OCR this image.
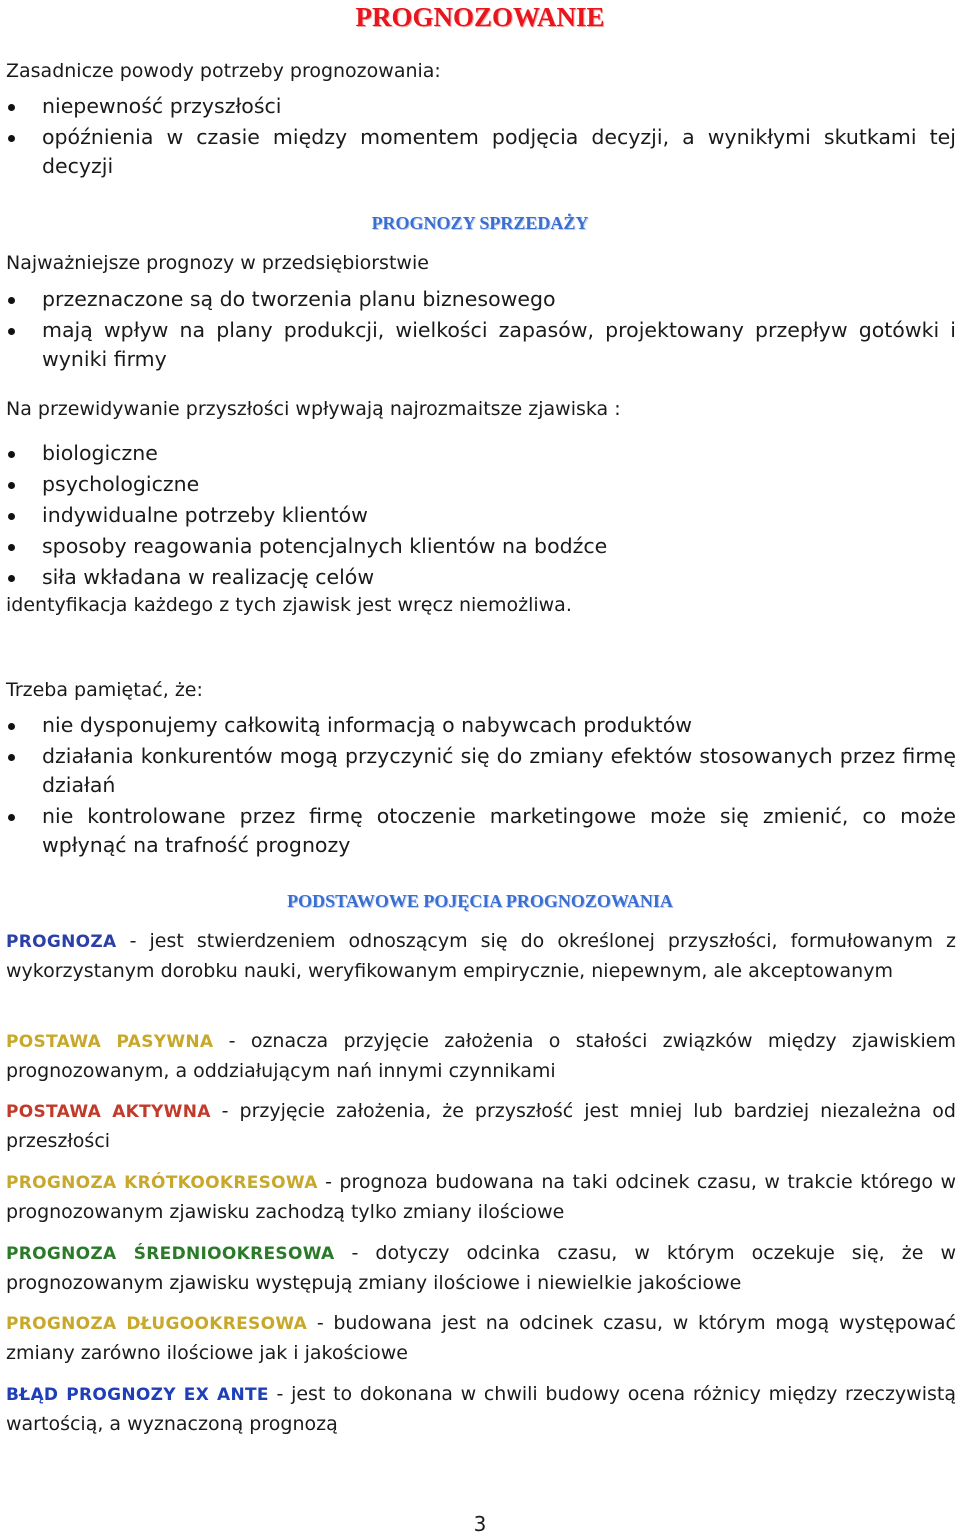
PROGNOZOWANIE
Zasadnicze powody potrzeby prognozowania:
niepewność przyszłości
opóźnienia w czasie między momentem podjęcia decyzji, a wynikłymi skutkami tej decyzji
PROGNOZY SPRZEDAŻY
Najważniejsze prognozy w przedsiębiorstwie
przeznaczone są do tworzenia planu biznesowego
mają wpływ na plany produkcji, wielkości zapasów, projektowany przepływ gotówki i wyniki firmy
Na przewidywanie przyszłości wpływają najrozmaitsze zjawiska :
biologiczne
psychologiczne
indywidualne potrzeby klientów
sposoby reagowania potencjalnych klientów na bodźce
siła wkładana w realizację celów
identyfikacja każdego z tych zjawisk jest wręcz niemożliwa.
Trzeba pamiętać, że:
nie dysponujemy całkowitą informacją o nabywcach produktów
działania konkurentów mogą przyczynić się do zmiany efektów stosowanych przez firmę działań
nie kontrolowane przez firmę otoczenie marketingowe może się zmienić, co może wpłynąć na trafność prognozy
PODSTAWOWE POJĘCIA PROGNOZOWANIA
PROGNOZA - jest stwierdzeniem odnoszącym się do określonej przyszłości, formułowanym z wykorzystanym dorobku nauki, weryfikowanym empirycznie, niepewnym, ale akceptowanym
POSTAWA PASYWNA - oznacza przyjęcie założenia o stałości związków między zjawiskiem prognozowanym, a oddziałującym nań innymi czynnikami
POSTAWA AKTYWNA - przyjęcie założenia, że przyszłość jest mniej lub bardziej niezależna od przeszłości
PROGNOZA KRÓTKOOKRESOWA - prognoza budowana na taki odcinek czasu, w trakcie którego w prognozowanym zjawisku zachodzą tylko zmiany ilościowe
PROGNOZA ŚREDNIOOKRESOWA - dotyczy odcinka czasu, w którym oczekuje się, że w prognozowanym zjawisku występują zmiany ilościowe i niewielkie jakościowe
PROGNOZA DŁUGOOKRESOWA - budowana jest na odcinek czasu, w którym mogą występować zmiany zarówno ilościowe jak i jakościowe
BŁĄD PROGNOZY EX ANTE - jest to dokonana w chwili budowy ocena różnicy między rzeczywistą wartością, a wyznaczoną prognozą
3
